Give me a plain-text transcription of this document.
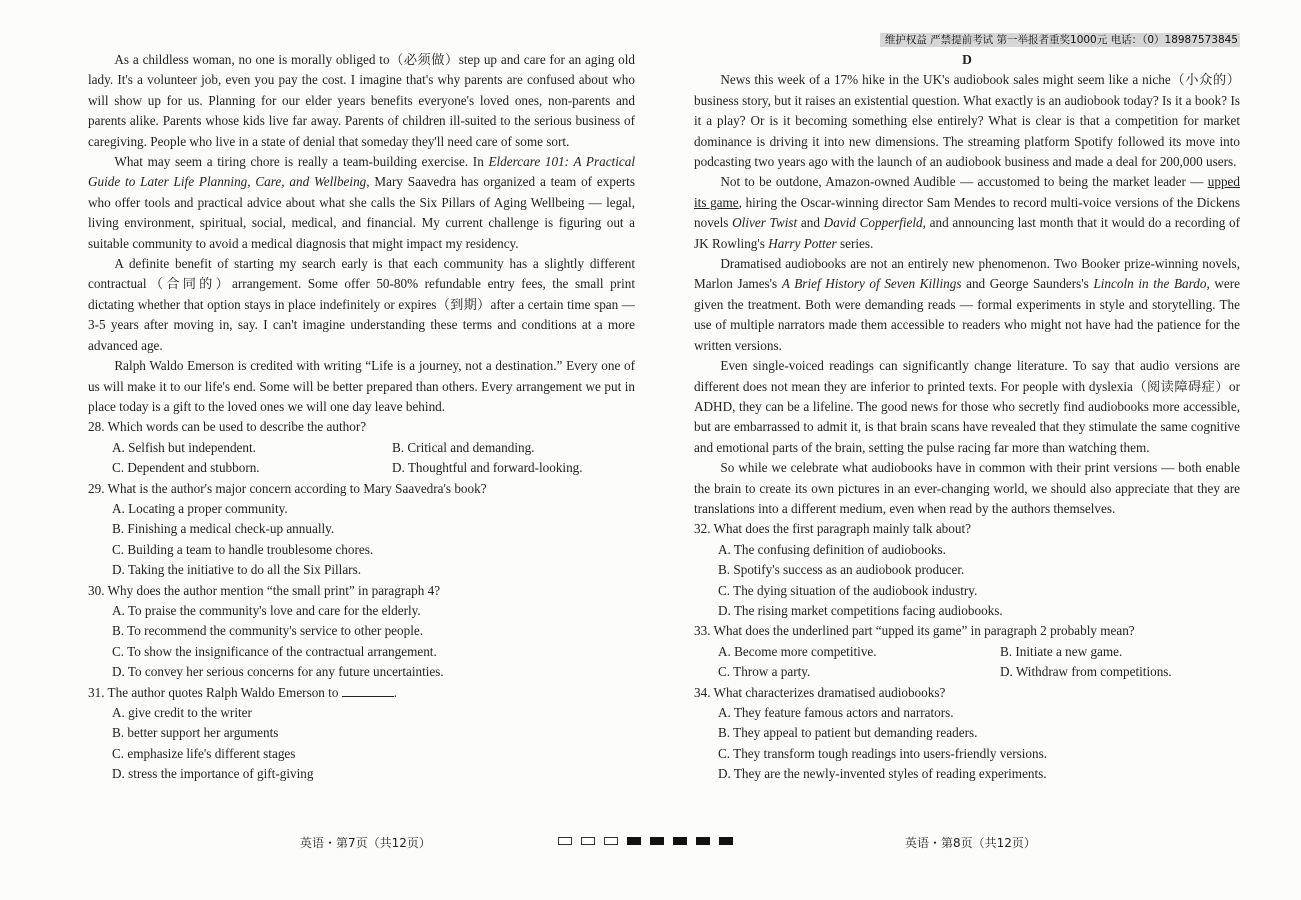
维护权益 严禁提前考试 第一举报者重奖1000元 电话：（0）18987573845

As a childless woman, no one is morally obliged to（必须做）step up and care for an aging old lady. It's a volunteer job, even you pay the cost. I imagine that's why parents are confused about who will show up for us. Planning for our elder years benefits everyone's loved ones, non-parents and parents alike. Parents whose kids live far away. Parents of children ill-suited to the serious business of caregiving. People who live in a state of denial that someday they'll need care of some sort.

What may seem a tiring chore is really a team-building exercise. In Eldercare 101: A Practical Guide to Later Life Planning, Care, and Wellbeing, Mary Saavedra has organized a team of experts who offer tools and practical advice about what she calls the Six Pillars of Aging Wellbeing — legal, living environment, spiritual, social, medical, and financial. My current challenge is figuring out a suitable community to avoid a medical diagnosis that might impact my residency.

A definite benefit of starting my search early is that each community has a slightly different contractual（合同的）arrangement. Some offer 50-80% refundable entry fees, the small print dictating whether that option stays in place indefinitely or expires（到期）after a certain time span — 3-5 years after moving in, say. I can't imagine understanding these terms and conditions at a more advanced age.

Ralph Waldo Emerson is credited with writing “Life is a journey, not a destination.” Every one of us will make it to our life's end. Some will be better prepared than others. Every arrangement we put in place today is a gift to the loved ones we will one day leave behind.

28. Which words can be used to describe the author?

A. Selfish but independent.	B. Critical and demanding.

C. Dependent and stubborn.	D. Thoughtful and forward-looking.

29. What is the author's major concern according to Mary Saavedra's book?

A. Locating a proper community.

B. Finishing a medical check-up annually.

C. Building a team to handle troublesome chores.

D. Taking the initiative to do all the Six Pillars.

30. Why does the author mention “the small print” in paragraph 4?

A. To praise the community's love and care for the elderly.

B. To recommend the community's service to other people.

C. To show the insignificance of the contractual arrangement.

D. To convey her serious concerns for any future uncertainties.

31. The author quotes Ralph Waldo Emerson to	.

A. give credit to the writer

B. better support her arguments

C. emphasize life's different stages

D. stress the importance of gift-giving

D

News this week of a 17% hike in the UK's audiobook sales might seem like a niche（小众的）business story, but it raises an existential question. What exactly is an audiobook today? Is it a book? Is it a play? Or is it becoming something else entirely? What is clear is that a competition for market dominance is driving it into new dimensions. The streaming platform Spotify followed its move into podcasting two years ago with the launch of an audiobook business and made a deal for 200,000 users.

Not to be outdone, Amazon-owned Audible — accustomed to being the market leader — upped its game, hiring the Oscar-winning director Sam Mendes to record multi-voice versions of the Dickens novels Oliver Twist and David Copperfield, and announcing last month that it would do a recording of JK Rowling's Harry Potter series.

Dramatised audiobooks are not an entirely new phenomenon. Two Booker prize-winning novels, Marlon James's A Brief History of Seven Killings and George Saunders's Lincoln in the Bardo, were given the treatment. Both were demanding reads — formal experiments in style and storytelling. The use of multiple narrators made them accessible to readers who might not have had the patience for the written versions.

Even single-voiced readings can significantly change literature. To say that audio versions are different does not mean they are inferior to printed texts. For people with dyslexia（阅读障碍症）or ADHD, they can be a lifeline. The good news for those who secretly find audiobooks more accessible, but are embarrassed to admit it, is that brain scans have revealed that they stimulate the same cognitive and emotional parts of the brain, setting the pulse racing far more than watching them.

So while we celebrate what audiobooks have in common with their print versions — both enable the brain to create its own pictures in an ever-changing world, we should also appreciate that they are translations into a different medium, even when read by the authors themselves.

32. What does the first paragraph mainly talk about?

A. The confusing definition of audiobooks.

B. Spotify's success as an audiobook producer.

C. The dying situation of the audiobook industry.

D. The rising market competitions facing audiobooks.

33. What does the underlined part “upped its game” in paragraph 2 probably mean?

A. Become more competitive.	B. Initiate a new game.

C. Throw a party.	D. Withdraw from competitions.

34. What characterizes dramatised audiobooks?

A. They feature famous actors and narrators.

B. They appeal to patient but demanding readers.

C. They transform tough readings into users-friendly versions.

D. They are the newly-invented styles of reading experiments.

英语・第7页（共12页）	英语・第8页（共12页）
